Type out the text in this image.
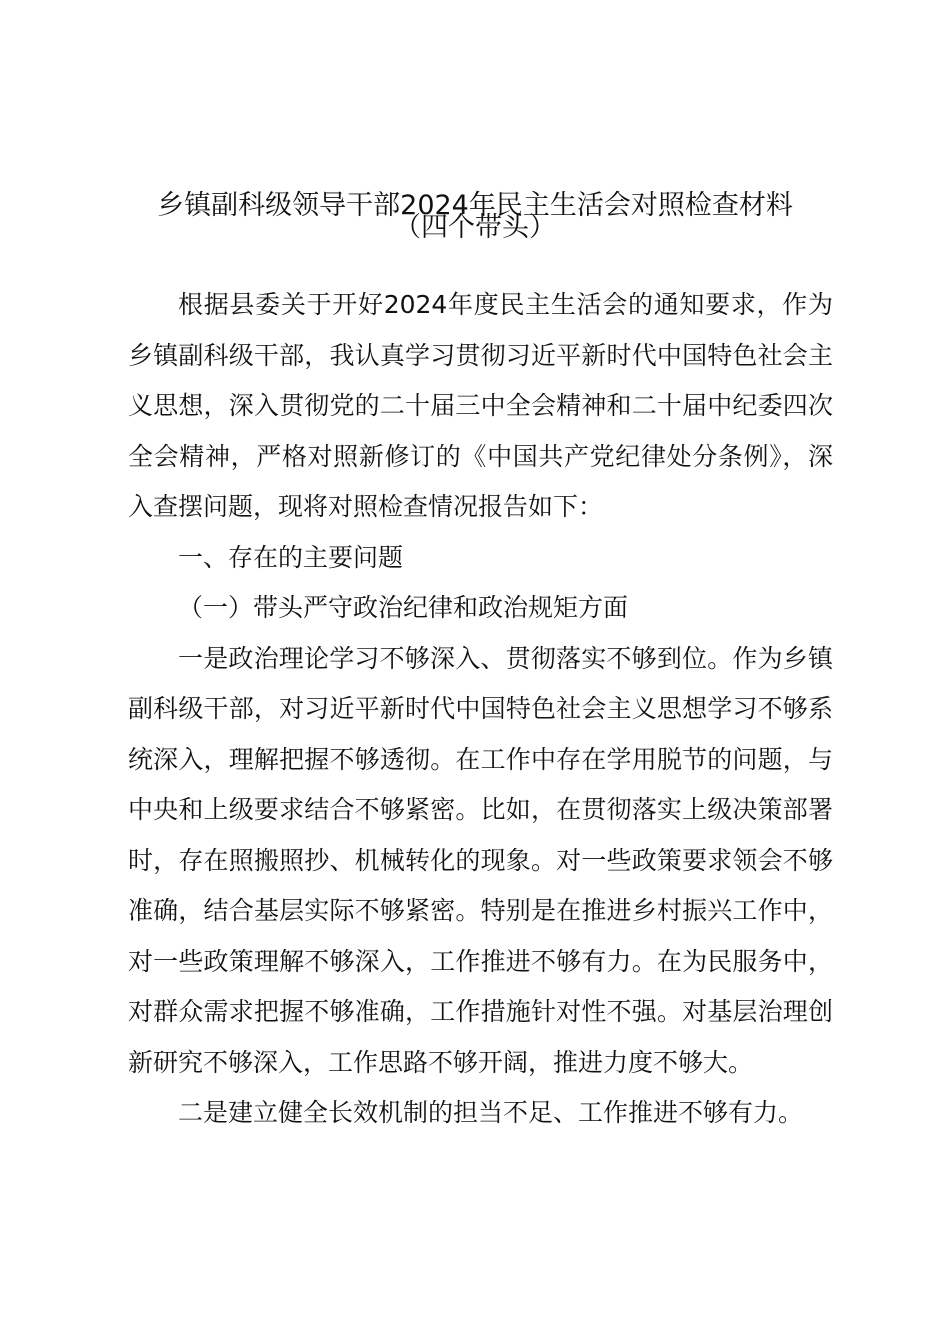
乡镇副科级领导干部2024年民主生活会对照检查材料
（四个带头）

根据县委关于开好2024年度民主生活会的通知要求，作为乡镇副科级干部，我认真学习贯彻习近平新时代中国特色社会主义思想，深入贯彻党的二十届三中全会精神和二十届中纪委四次全会精神，严格对照新修订的《中国共产党纪律处分条例》，深入查摆问题，现将对照检查情况报告如下：

一、存在的主要问题

（一）带头严守政治纪律和政治规矩方面

一是政治理论学习不够深入、贯彻落实不够到位。作为乡镇副科级干部，对习近平新时代中国特色社会主义思想学习不够系统深入，理解把握不够透彻。在工作中存在学用脱节的问题，与中央和上级要求结合不够紧密。比如，在贯彻落实上级决策部署时，存在照搬照抄、机械转化的现象。对一些政策要求领会不够准确，结合基层实际不够紧密。特别是在推进乡村振兴工作中，对一些政策理解不够深入，工作推进不够有力。在为民服务中，对群众需求把握不够准确，工作措施针对性不强。对基层治理创新研究不够深入，工作思路不够开阔，推进力度不够大。

二是建立健全长效机制的担当不足、工作推进不够有力。
